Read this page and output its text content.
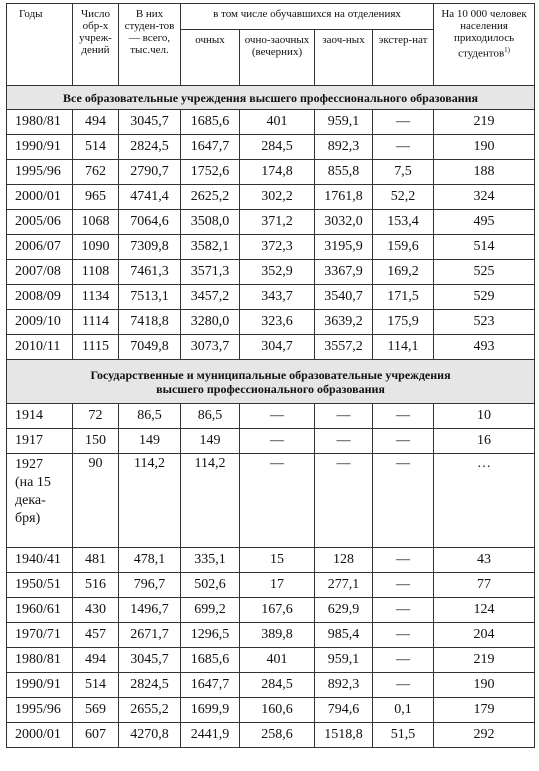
Годы	Число обр-х учреж-дений	В них студен-тов — всего, тыс.чел.	в том числе обучавшихся на отделениях				На 10 000 человек населения приходилось студентов$^{1)}$

			очных	очно-заочных (вечерних)	заоч-ных	экстер-нат	

Все образовательные учреждения высшего профессионального образования							
1980/81	494	3045,7	1685,6	401	959,1	—	219
1990/91	514	2824,5	1647,7	284,5	892,3	—	190
1995/96	762	2790,7	1752,6	174,8	855,8	7,5	188
2000/01	965	4741,4	2625,2	302,2	1761,8	52,2	324
2005/06	1068	7064,6	3508,0	371,2	3032,0	153,4	495
2006/07	1090	7309,8	3582,1	372,3	3195,9	159,6	514
2007/08	1108	7461,3	3571,3	352,9	3367,9	169,2	525
2008/09	1134	7513,1	3457,2	343,7	3540,7	171,5	529
2009/10	1114	7418,8	3280,0	323,6	3639,2	175,9	523
2010/11	1115	7049,8	3073,7	304,7	3557,2	114,1	493

Государственные и муниципальные образовательные учреждения
высшего профессионального образования							

1914	72	86,5	86,5	—	—	—	10
1917	150	149	149	—	—	—	16
1927 (на 15 дека-бря)	90	114,2	114,2	—	—	—	…
1940/41	481	478,1	335,1	15	128	—	43
1950/51	516	796,7	502,6	17	277,1	—	77
1960/61	430	1496,7	699,2	167,6	629,9	—	124
1970/71	457	2671,7	1296,5	389,8	985,4	—	204
1980/81	494	3045,7	1685,6	401	959,1	—	219
1990/91	514	2824,5	1647,7	284,5	892,3	—	190
1995/96	569	2655,2	1699,9	160,6	794,6	0,1	179
2000/01	607	4270,8	2441,9	258,6	1518,8	51,5	292
